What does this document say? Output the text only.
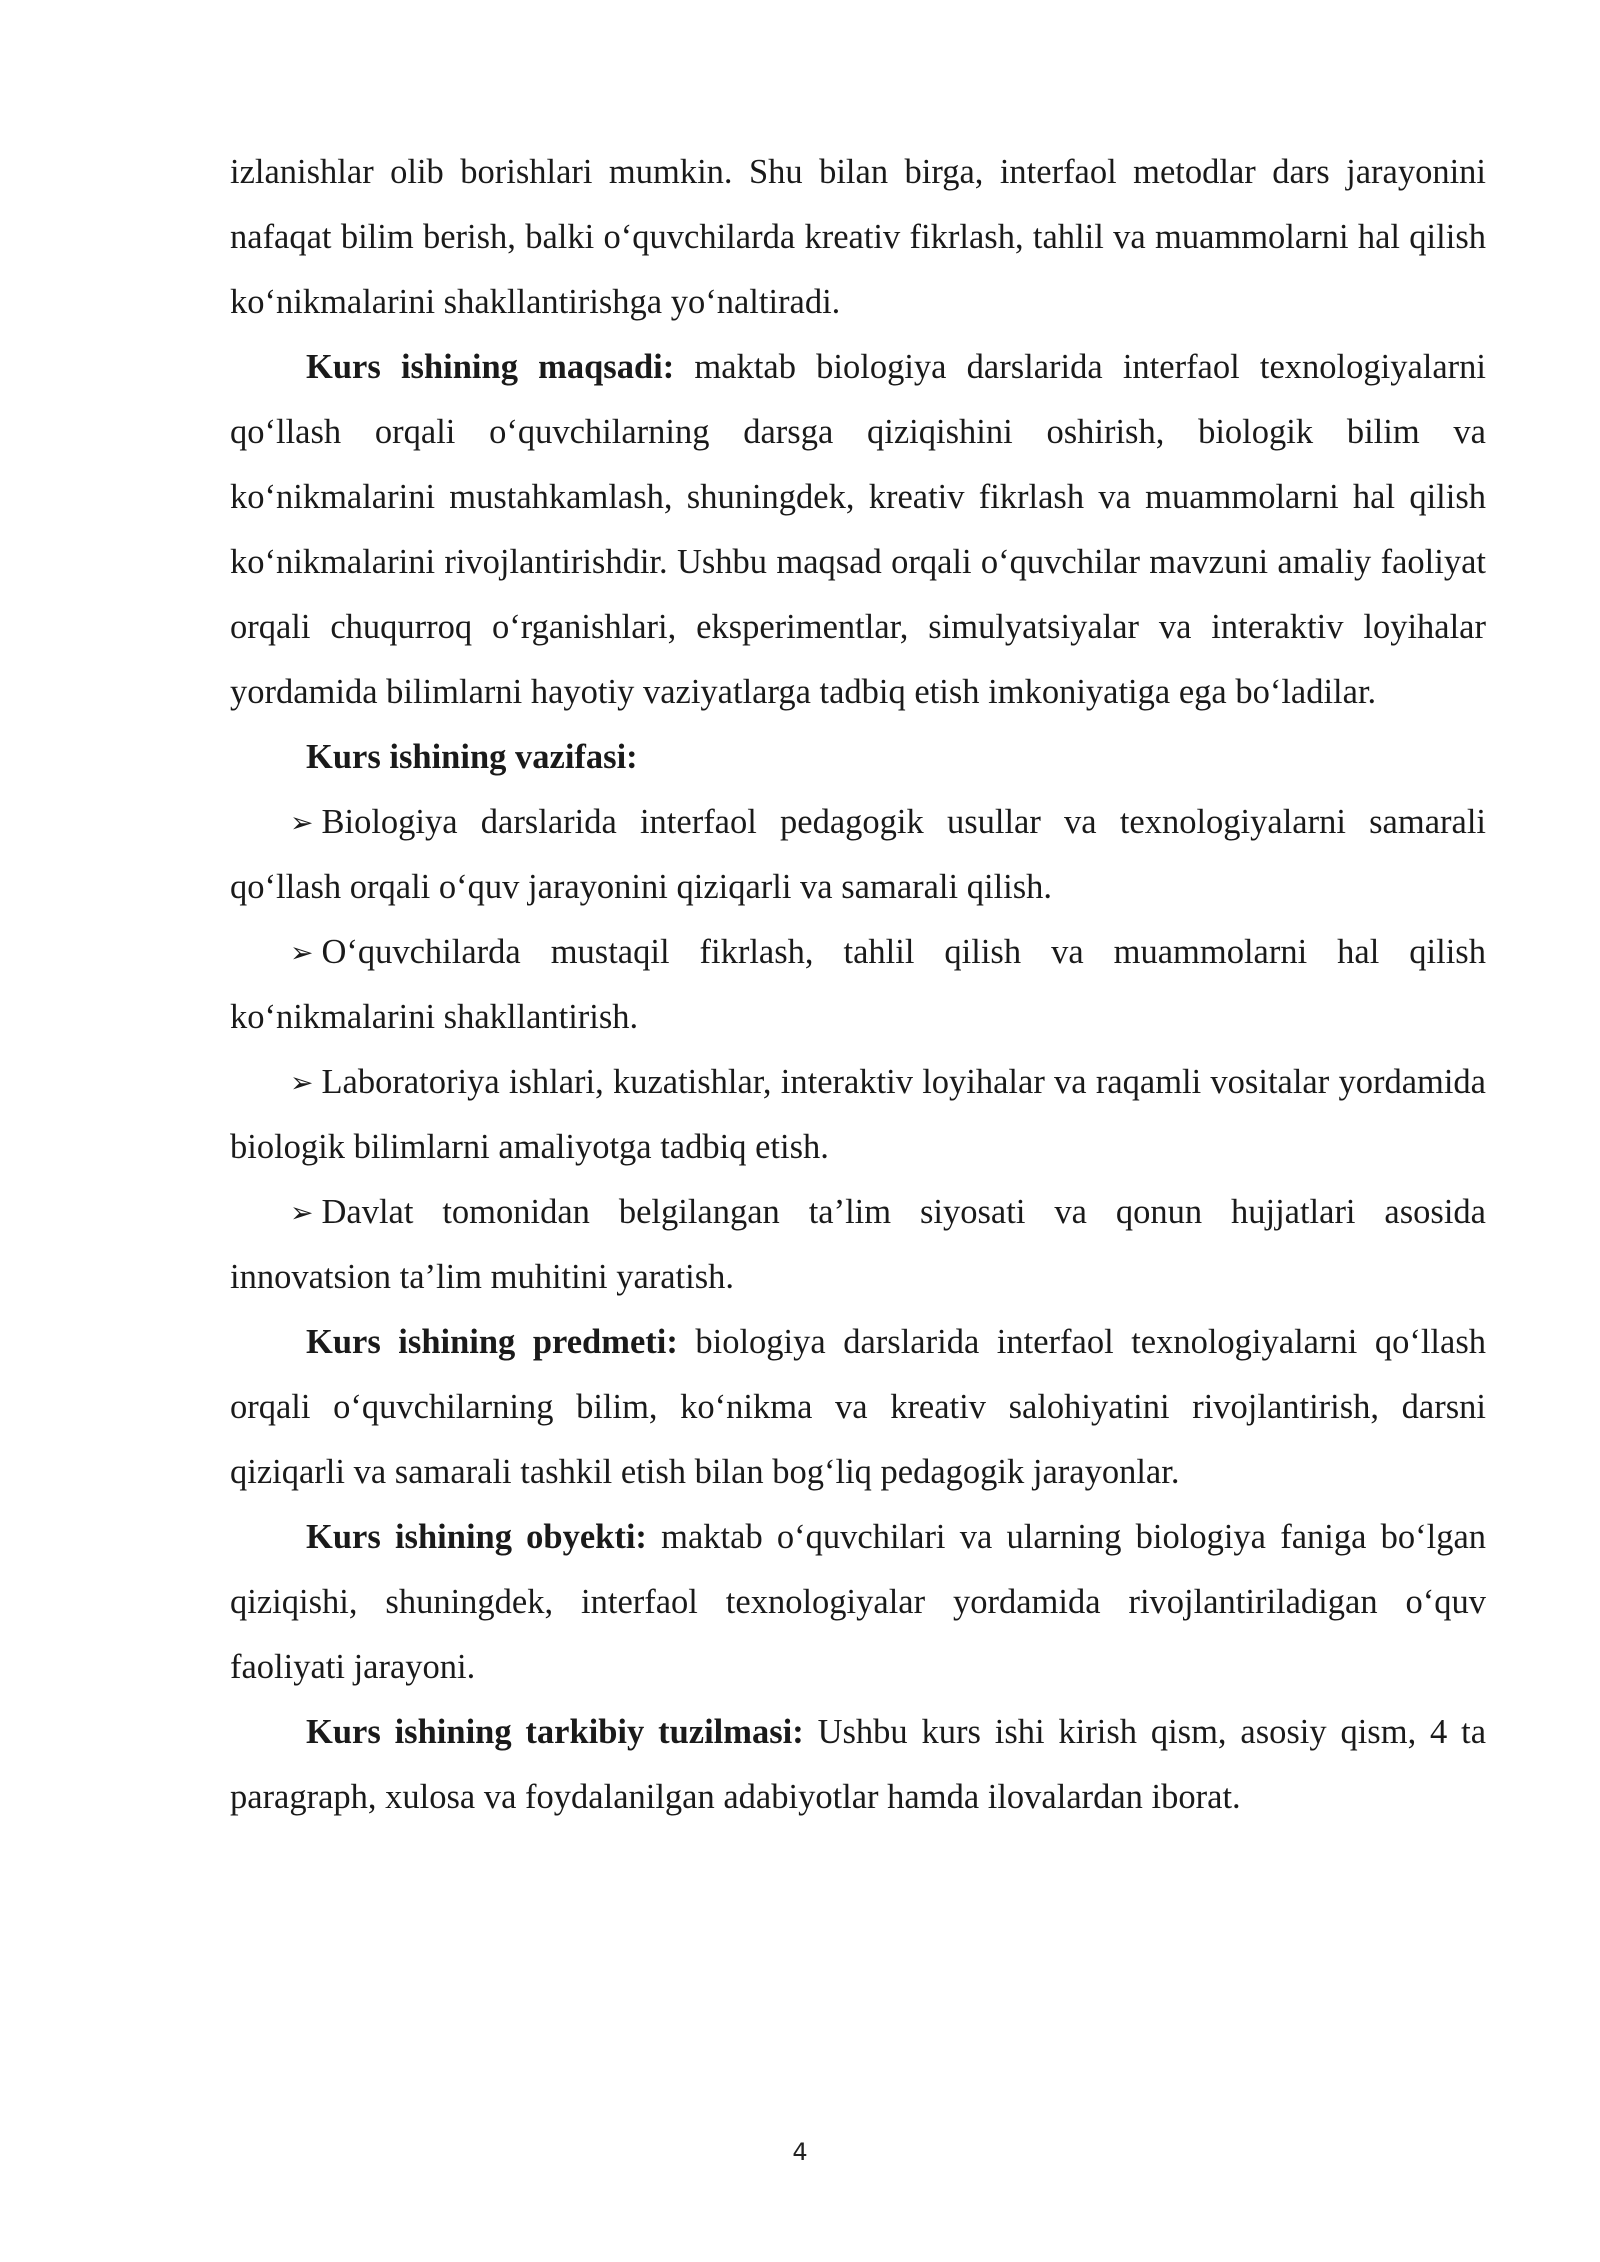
izlanishlar olib borishlari mumkin. Shu bilan birga, interfaol metodlar dars jarayonini nafaqat bilim berish, balki o‘quvchilarda kreativ fikrlash, tahlil va muammolarni hal qilish ko‘nikmalarini shakllantirishga yo‘naltiradi.

Kurs ishining maqsadi: maktab biologiya darslarida interfaol texnologiyalarni qo‘llash orqali o‘quvchilarning darsga qiziqishini oshirish, biologik bilim va ko‘nikmalarini mustahkamlash, shuningdek, kreativ fikrlash va muammolarni hal qilish ko‘nikmalarini rivojlantirishdir. Ushbu maqsad orqali o‘quvchilar mavzuni amaliy faoliyat orqali chuqurroq o‘rganishlari, eksperimentlar, simulyatsiyalar va interaktiv loyihalar yordamida bilimlarni hayotiy vaziyatlarga tadbiq etish imkoniyatiga ega bo‘ladilar.

Kurs ishining vazifasi:

➢ Biologiya darslarida interfaol pedagogik usullar va texnologiyalarni samarali qo‘llash orqali o‘quv jarayonini qiziqarli va samarali qilish.

➢ O‘quvchilarda mustaqil fikrlash, tahlil qilish va muammolarni hal qilish ko‘nikmalarini shakllantirish.

➢ Laboratoriya ishlari, kuzatishlar, interaktiv loyihalar va raqamli vositalar yordamida biologik bilimlarni amaliyotga tadbiq etish.

➢ Davlat tomonidan belgilangan ta’lim siyosati va qonun hujjatlari asosida innovatsion ta’lim muhitini yaratish.

Kurs ishining predmeti: biologiya darslarida interfaol texnologiyalarni qo‘llash orqali o‘quvchilarning bilim, ko‘nikma va kreativ salohiyatini rivojlantirish, darsni qiziqarli va samarali tashkil etish bilan bog‘liq pedagogik jarayonlar.

Kurs ishining obyekti: maktab o‘quvchilari va ularning biologiya faniga bo‘lgan qiziqishi, shuningdek, interfaol texnologiyalar yordamida rivojlantiriladigan o‘quv faoliyati jarayoni.

Kurs ishining tarkibiy tuzilmasi: Ushbu kurs ishi kirish qism, asosiy qism, 4 ta paragraph, xulosa va foydalanilgan adabiyotlar hamda ilovalardan iborat.

4
